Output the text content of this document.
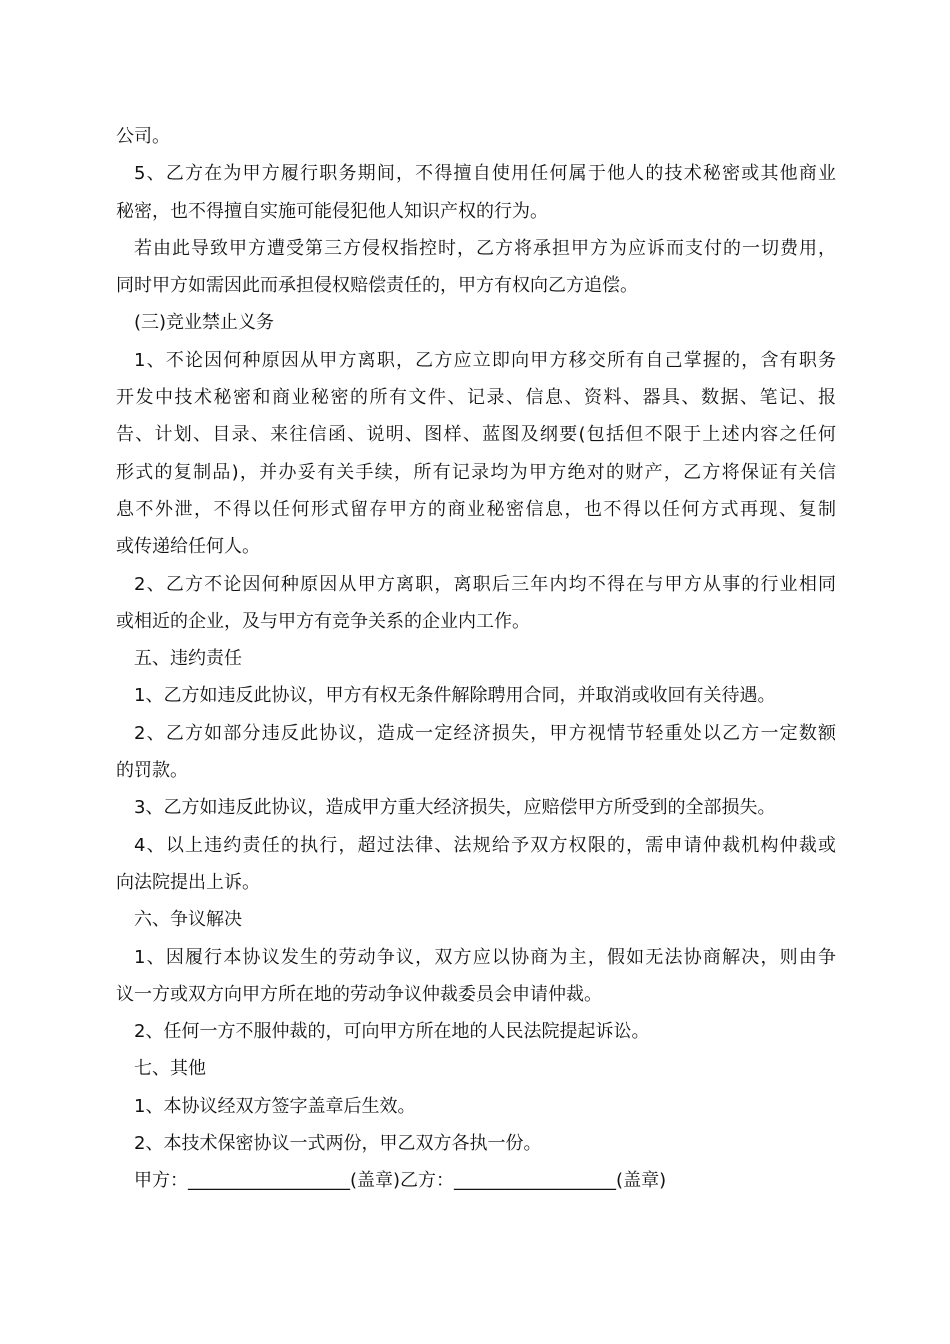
公司。
5、乙方在为甲方履行职务期间，不得擅自使用任何属于他人的技术秘密或其他商业
秘密，也不得擅自实施可能侵犯他人知识产权的行为。
若由此导致甲方遭受第三方侵权指控时，乙方将承担甲方为应诉而支付的一切费用，
同时甲方如需因此而承担侵权赔偿责任的，甲方有权向乙方追偿。
(三)竞业禁止义务
1、不论因何种原因从甲方离职，乙方应立即向甲方移交所有自己掌握的，含有职务
开发中技术秘密和商业秘密的所有文件、记录、信息、资料、器具、数据、笔记、报
告、计划、目录、来往信函、说明、图样、蓝图及纲要(包括但不限于上述内容之任何
形式的复制品)，并办妥有关手续，所有记录均为甲方绝对的财产，乙方将保证有关信
息不外泄，不得以任何形式留存甲方的商业秘密信息，也不得以任何方式再现、复制
或传递给任何人。
2、乙方不论因何种原因从甲方离职，离职后三年内均不得在与甲方从事的行业相同
或相近的企业，及与甲方有竞争关系的企业内工作。
五、违约责任
1、乙方如违反此协议，甲方有权无条件解除聘用合同，并取消或收回有关待遇。
2、乙方如部分违反此协议，造成一定经济损失，甲方视情节轻重处以乙方一定数额
的罚款。
3、乙方如违反此协议，造成甲方重大经济损失，应赔偿甲方所受到的全部损失。
4、以上违约责任的执行，超过法律、法规给予双方权限的，需申请仲裁机构仲裁或
向法院提出上诉。
六、争议解决
1、因履行本协议发生的劳动争议，双方应以协商为主，假如无法协商解决，则由争
议一方或双方向甲方所在地的劳动争议仲裁委员会申请仲裁。
2、任何一方不服仲裁的，可向甲方所在地的人民法院提起诉讼。
七、其他
1、本协议经双方签字盖章后生效。
2、本技术保密协议一式两份，甲乙双方各执一份。
甲方：__________________(盖章)乙方：__________________(盖章)
